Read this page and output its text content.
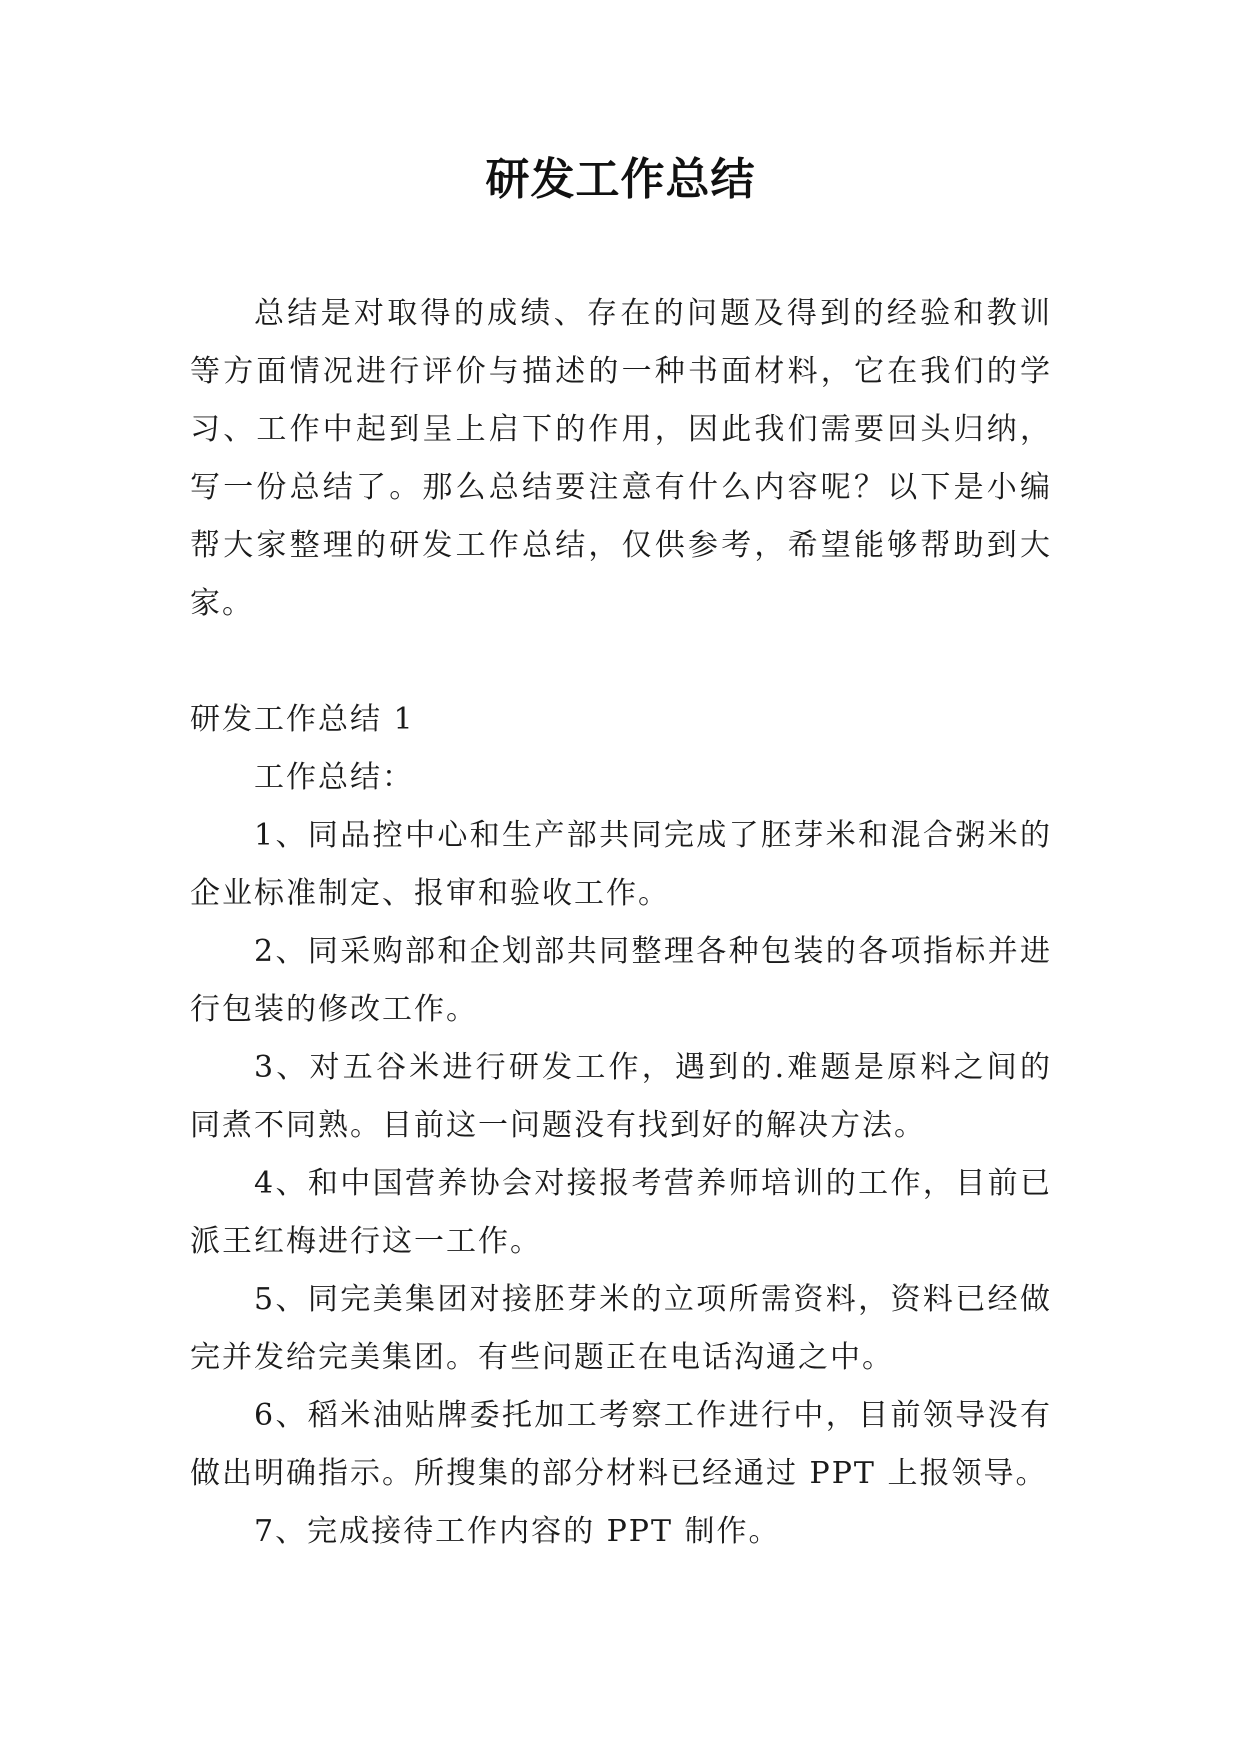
研发工作总结

总结是对取得的成绩、存在的问题及得到的经验和教训等方面情况进行评价与描述的一种书面材料，它在我们的学习、工作中起到呈上启下的作用，因此我们需要回头归纳，写一份总结了。那么总结要注意有什么内容呢？以下是小编帮大家整理的研发工作总结，仅供参考，希望能够帮助到大家。

研发工作总结 1

工作总结：

1、同品控中心和生产部共同完成了胚芽米和混合粥米的企业标准制定、报审和验收工作。

2、同采购部和企划部共同整理各种包装的各项指标并进行包装的修改工作。

3、对五谷米进行研发工作，遇到的.难题是原料之间的同煮不同熟。目前这一问题没有找到好的解决方法。

4、和中国营养协会对接报考营养师培训的工作，目前已派王红梅进行这一工作。

5、同完美集团对接胚芽米的立项所需资料，资料已经做完并发给完美集团。有些问题正在电话沟通之中。

6、稻米油贴牌委托加工考察工作进行中，目前领导没有做出明确指示。所搜集的部分材料已经通过 PPT 上报领导。

7、完成接待工作内容的 PPT 制作。
